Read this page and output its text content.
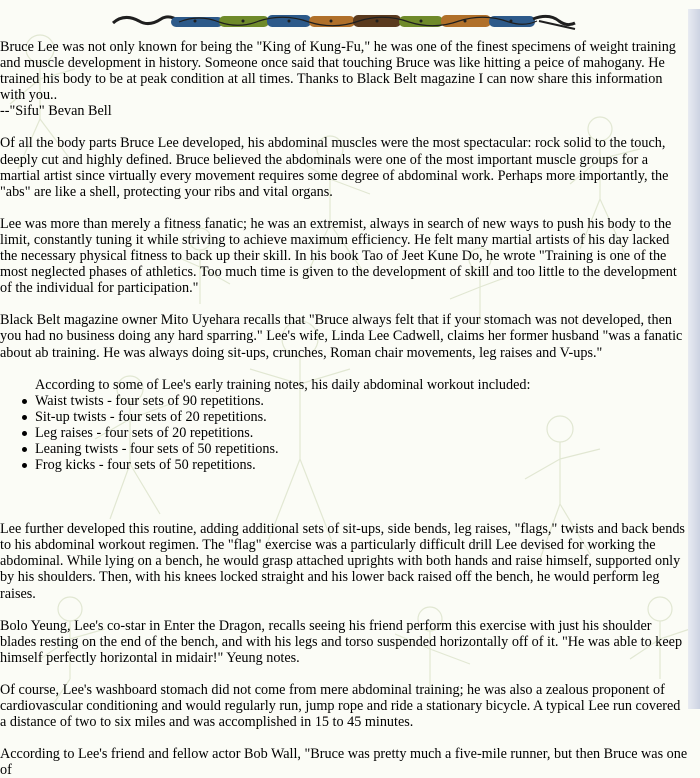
Bruce Lee was not only known for being the "King of Kung-Fu," he was one of the finest specimens of weight training and muscle development in history. Someone once said that touching Bruce was like hitting a peice of mahogany. He trained his body to be at peak condition at all times. Thanks to Black Belt magazine I can now share this information with you..
--"Sifu" Bevan Bell

Of all the body parts Bruce Lee developed, his abdominal muscles were the most spectacular: rock solid to the touch, deeply cut and highly defined. Bruce believed the abdominals were one of the most important muscle groups for a martial artist since virtually every movement requires some degree of abdominal work. Perhaps more importantly, the "abs" are like a shell, protecting your ribs and vital organs.

Lee was more than merely a fitness fanatic; he was an extremist, always in search of new ways to push his body to the limit, constantly tuning it while striving to achieve maximum efficiency. He felt many martial artists of his day lacked the necessary physical fitness to back up their skill. In his book Tao of Jeet Kune Do, he wrote "Training is one of the most neglected phases of athletics. Too much time is given to the development of skill and too little to the development of the individual for participation."

Black Belt magazine owner Mito Uyehara recalls that "Bruce always felt that if your stomach was not developed, then you had no business doing any hard sparring." Lee's wife, Linda Lee Cadwell, claims her former husband "was a fanatic about ab training. He was always doing sit-ups, crunches, Roman chair movements, leg raises and V-ups."

According to some of Lee's early training notes, his daily abdominal workout included:
Waist twists - four sets of 90 repetitions.
Sit-up twists - four sets of 20 repetitions.
Leg raises - four sets of 20 repetitions.
Leaning twists - four sets of 50 repetitions.
Frog kicks - four sets of 50 repetitions.

Lee further developed this routine, adding additional sets of sit-ups, side bends, leg raises, "flags," twists and back bends to his abdominal workout regimen. The "flag" exercise was a particularly difficult drill Lee devised for working the abdominal. While lying on a bench, he would grasp attached uprights with both hands and raise himself, supported only by his shoulders. Then, with his knees locked straight and his lower back raised off the bench, he would perform leg raises.

Bolo Yeung, Lee's co-star in Enter the Dragon, recalls seeing his friend perform this exercise with just his shoulder blades resting on the end of the bench, and with his legs and torso suspended horizontally off of it. "He was able to keep himself perfectly horizontal in midair!" Yeung notes.

Of course, Lee's washboard stomach did not come from mere abdominal training; he was also a zealous proponent of cardiovascular conditioning and would regularly run, jump rope and ride a stationary bicycle. A typical Lee run covered a distance of two to six miles and was accomplished in 15 to 45 minutes.

According to Lee's friend and fellow actor Bob Wall, "Bruce was pretty much a five-mile runner, but then Bruce was one of
